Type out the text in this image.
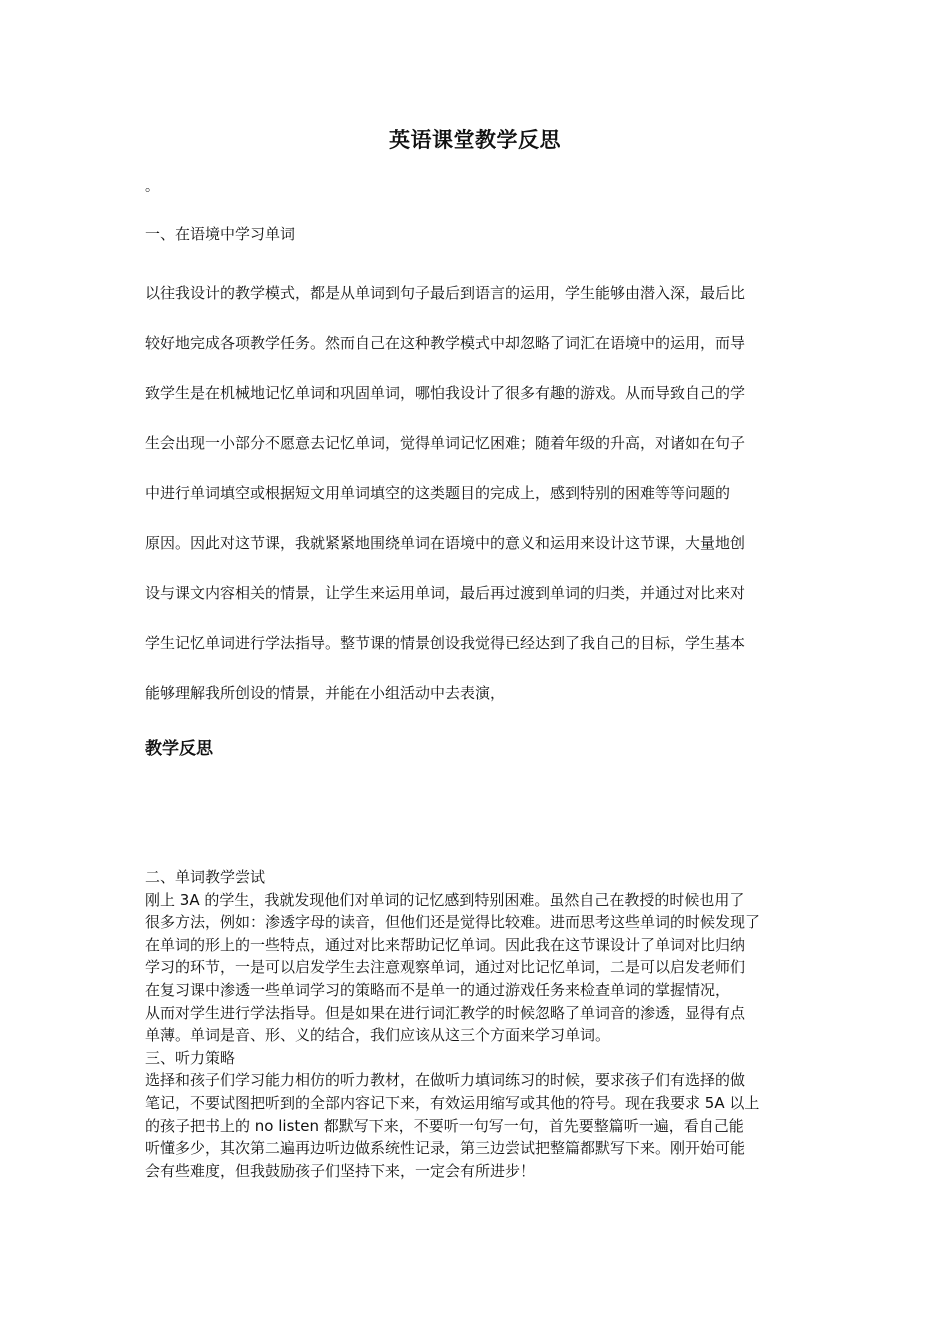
英语课堂教学反思
。
一、在语境中学习单词
以往我设计的教学模式，都是从单词到句子最后到语言的运用，学生能够由潜入深，最后比
较好地完成各项教学任务。然而自己在这种教学模式中却忽略了词汇在语境中的运用，而导
致学生是在机械地记忆单词和巩固单词，哪怕我设计了很多有趣的游戏。从而导致自己的学
生会出现一小部分不愿意去记忆单词，觉得单词记忆困难；随着年级的升高，对诸如在句子
中进行单词填空或根据短文用单词填空的这类题目的完成上，感到特别的困难等等问题的
原因。因此对这节课，我就紧紧地围绕单词在语境中的意义和运用来设计这节课，大量地创
设与课文内容相关的情景，让学生来运用单词，最后再过渡到单词的归类，并通过对比来对
学生记忆单词进行学法指导。整节课的情景创设我觉得已经达到了我自己的目标，学生基本
能够理解我所创设的情景，并能在小组活动中去表演，
教学反思
二、单词教学尝试
刚上 3A 的学生，我就发现他们对单词的记忆感到特别困难。虽然自己在教授的时候也用了
很多方法，例如：渗透字母的读音，但他们还是觉得比较难。进而思考这些单词的时候发现了
在单词的形上的一些特点，通过对比来帮助记忆单词。因此我在这节课设计了单词对比归纳
学习的环节，一是可以启发学生去注意观察单词，通过对比记忆单词，二是可以启发老师们
在复习课中渗透一些单词学习的策略而不是单一的通过游戏任务来检查单词的掌握情况，
从而对学生进行学法指导。但是如果在进行词汇教学的时候忽略了单词音的渗透，显得有点
单薄。单词是音、形、义的结合，我们应该从这三个方面来学习单词。
三、听力策略
选择和孩子们学习能力相仿的听力教材，在做听力填词练习的时候，要求孩子们有选择的做
笔记，不要试图把听到的全部内容记下来，有效运用缩写或其他的符号。现在我要求 5A 以上
的孩子把书上的 no listen 都默写下来，不要听一句写一句，首先要整篇听一遍，看自己能
听懂多少，其次第二遍再边听边做系统性记录，第三边尝试把整篇都默写下来。刚开始可能
会有些难度，但我鼓励孩子们坚持下来，一定会有所进步！
